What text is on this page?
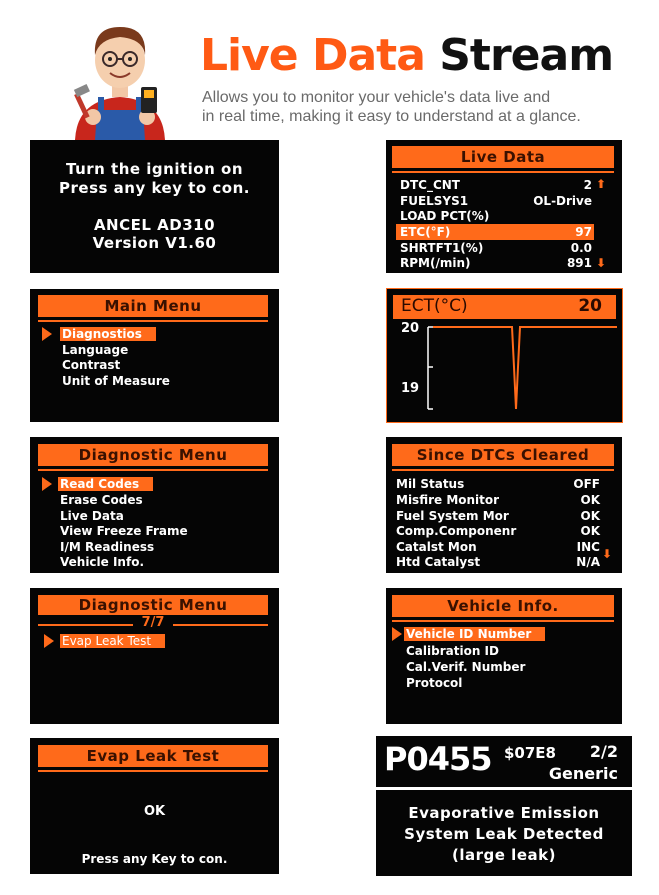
Live Data Stream
Allows you to monitor your vehicle's data live and
in real time, making it easy to understand at a glance.
Turn the ignition on
Press any key to con.
ANCEL AD310
Version V1.60
Live Data
DTC_CNT	2 ⬆
FUELSYS1	OL-Drive
LOAD PCT(%)
ETC(°F)	97
SHRTFT1(%)	0.0
RPM(/min)	891 ⬇
Main Menu
Diagnostios
Language
Contrast
Unit of Measure
ECT(°C)	20
20
19
Diagnostic Menu
Read Codes
Erase Codes
Live Data
View Freeze Frame
I/M Readiness
Vehicle Info.
Since DTCs Cleared
Mil Status	OFF
Misfire Monitor	OK
Fuel System Mor	OK
Comp.Componenr	OK
Catalst Mon	INC ⬇
Htd Catalyst	N/A
Diagnostic Menu
7/7
Evap Leak Test
Vehicle Info.
Vehicle ID Number
Calibration ID
Cal.Verif. Number
Protocol
Evap Leak Test
OK
Press any Key to con.
P0455 $07E8 2/2
Generic
Evaporative Emission
System Leak Detected
(large leak)
